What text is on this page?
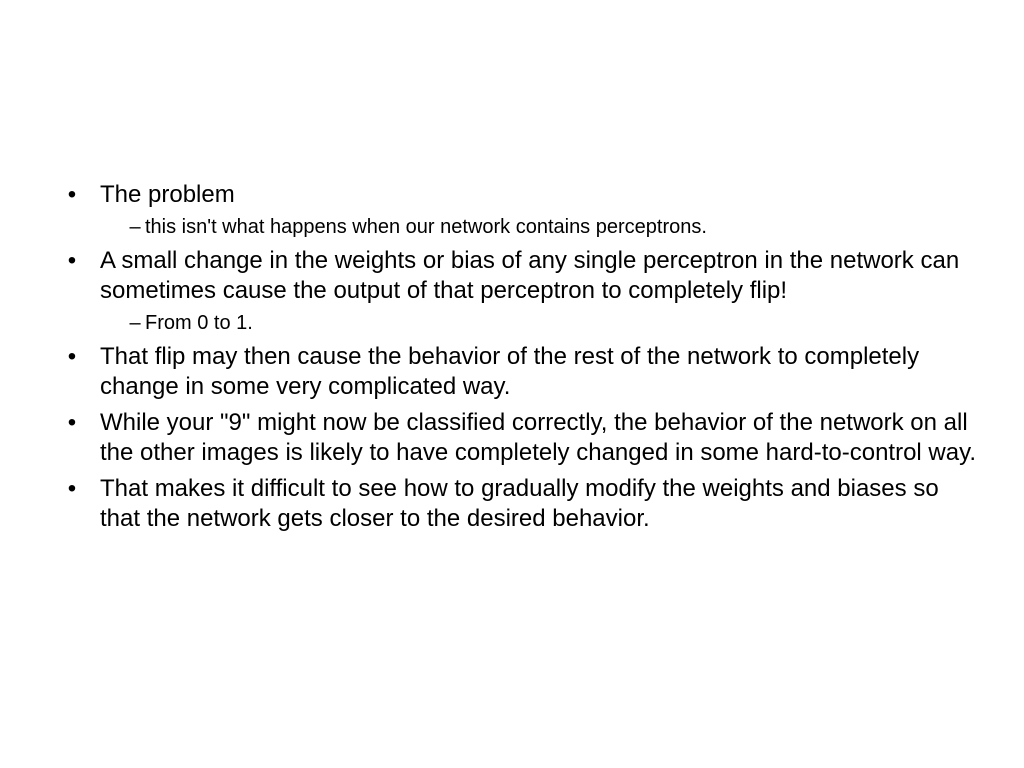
• The problem
– this isn't what happens when our network contains perceptrons.
• A small change in the weights or bias of any single perceptron in the network can sometimes cause the output of that perceptron to completely flip!
– From 0 to 1.
• That flip may then cause the behavior of the rest of the network to completely change in some very complicated way.
• While your "9" might now be classified correctly, the behavior of the network on all the other images is likely to have completely changed in some hard-to-control way.
• That makes it difficult to see how to gradually modify the weights and biases so that the network gets closer to the desired behavior.
